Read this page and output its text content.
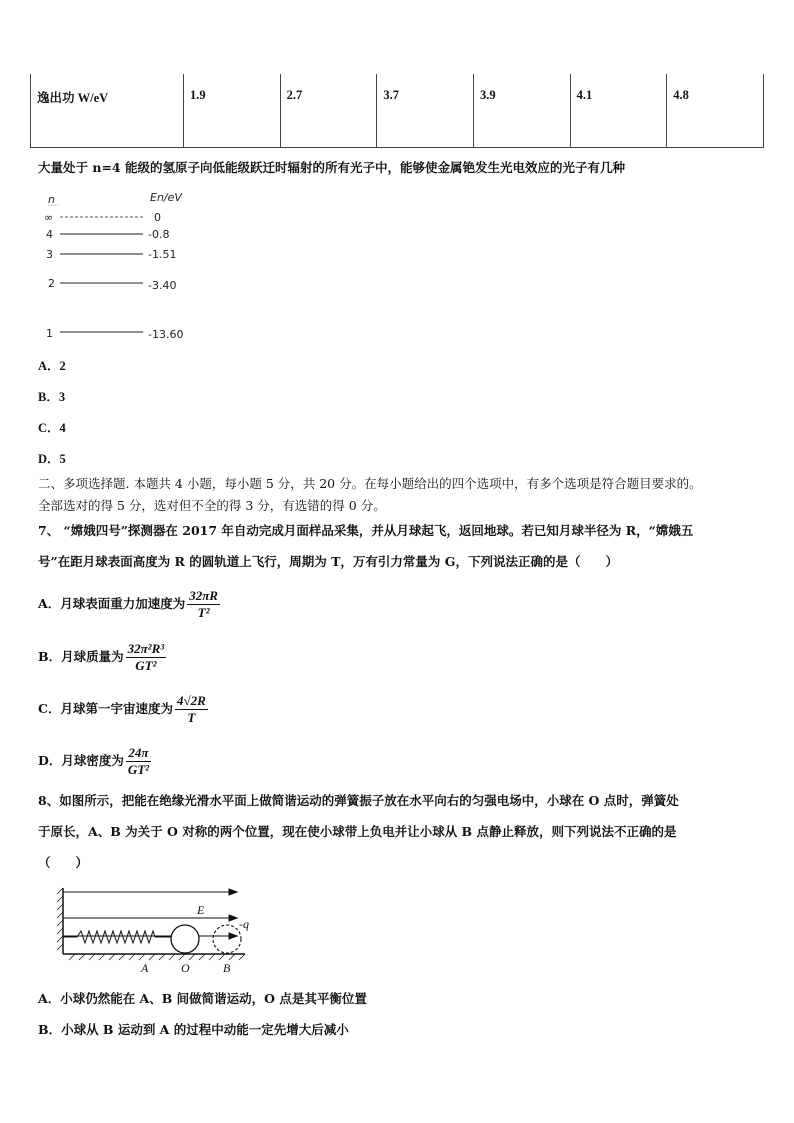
逸出功 W/eV	1.9	2.7	3.7	3.9	4.1	4.8
大量处于 n=4 能级的氢原子向低能级跃迁时辐射的所有光子中，能够使金属铯发生光电效应的光子有几种
n	En/eV
∞	0
4	-0.8
3	-1.51
2	-3.40
1	-13.60
A．2
B．3
C．4
D．5
二、多项选择题. 本题共 4 小题，每小题 5 分，共 20 分。在每小题给出的四个选项中，有多个选项是符合题目要求的。
全部选对的得 5 分，选对但不全的得 3 分，有选错的得 0 分。
7、 “嫦娥四号”探测器在 2017 年自动完成月面样品采集，并从月球起飞，返回地球。若已知月球半径为 R，“嫦娥五
号”在距月球表面高度为 R 的圆轨道上飞行，周期为 T，万有引力常量为 G，下列说法正确的是（　　）
A．月球表面重力加速度为 $\frac{32\pi R}{\text{T²}}$
B．月球质量为 $\frac{\text{32π²R³}}{\text{GT²}}$
C．月球第一宇宙速度为 $\frac{4√2R}{T}$
D．月球密度为 $\frac{24\pi}{\text{GT²}}$
8、如图所示，把能在绝缘光滑水平面上做简谐运动的弹簧振子放在水平向右的匀强电场中，小球在 O 点时，弹簧处
于原长，A、B 为关于 O 对称的两个位置，现在使小球带上负电并让小球从 B 点静止释放，则下列说法不正确的是
（　　）
E
-q
A	O	B
A．小球仍然能在 A、B 间做简谐运动，O 点是其平衡位置
B．小球从 B 运动到 A 的过程中动能一定先增大后减小
